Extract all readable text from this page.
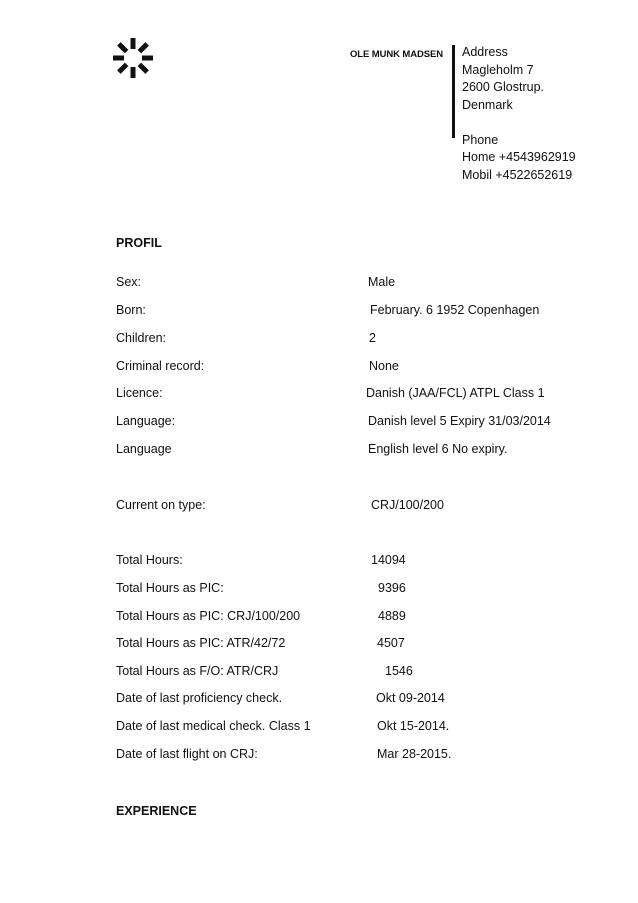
OLE MUNK MADSEN Address
Magleholm 7
2600 Glostrup.
Denmark
Phone
Home +4543962919
Mobil +4522652619
PROFIL
Sex:	Male
Born:	February. 6 1952 Copenhagen
Children:	2
Criminal record:	None
Licence:	Danish (JAA/FCL) ATPL Class 1
Language:	Danish level 5 Expiry 31/03/2014
Language	English level 6 No expiry.
Current on type:	CRJ/100/200
Total Hours:	14094
Total Hours as PIC:	9396
Total Hours as PIC: CRJ/100/200	4889
Total Hours as PIC: ATR/42/72	4507
Total Hours as F/O: ATR/CRJ	1546
Date of last proficiency check.	Okt 09-2014
Date of last medical check. Class 1	Okt 15-2014.
Date of last flight on CRJ:	Mar 28-2015.
EXPERIENCE
